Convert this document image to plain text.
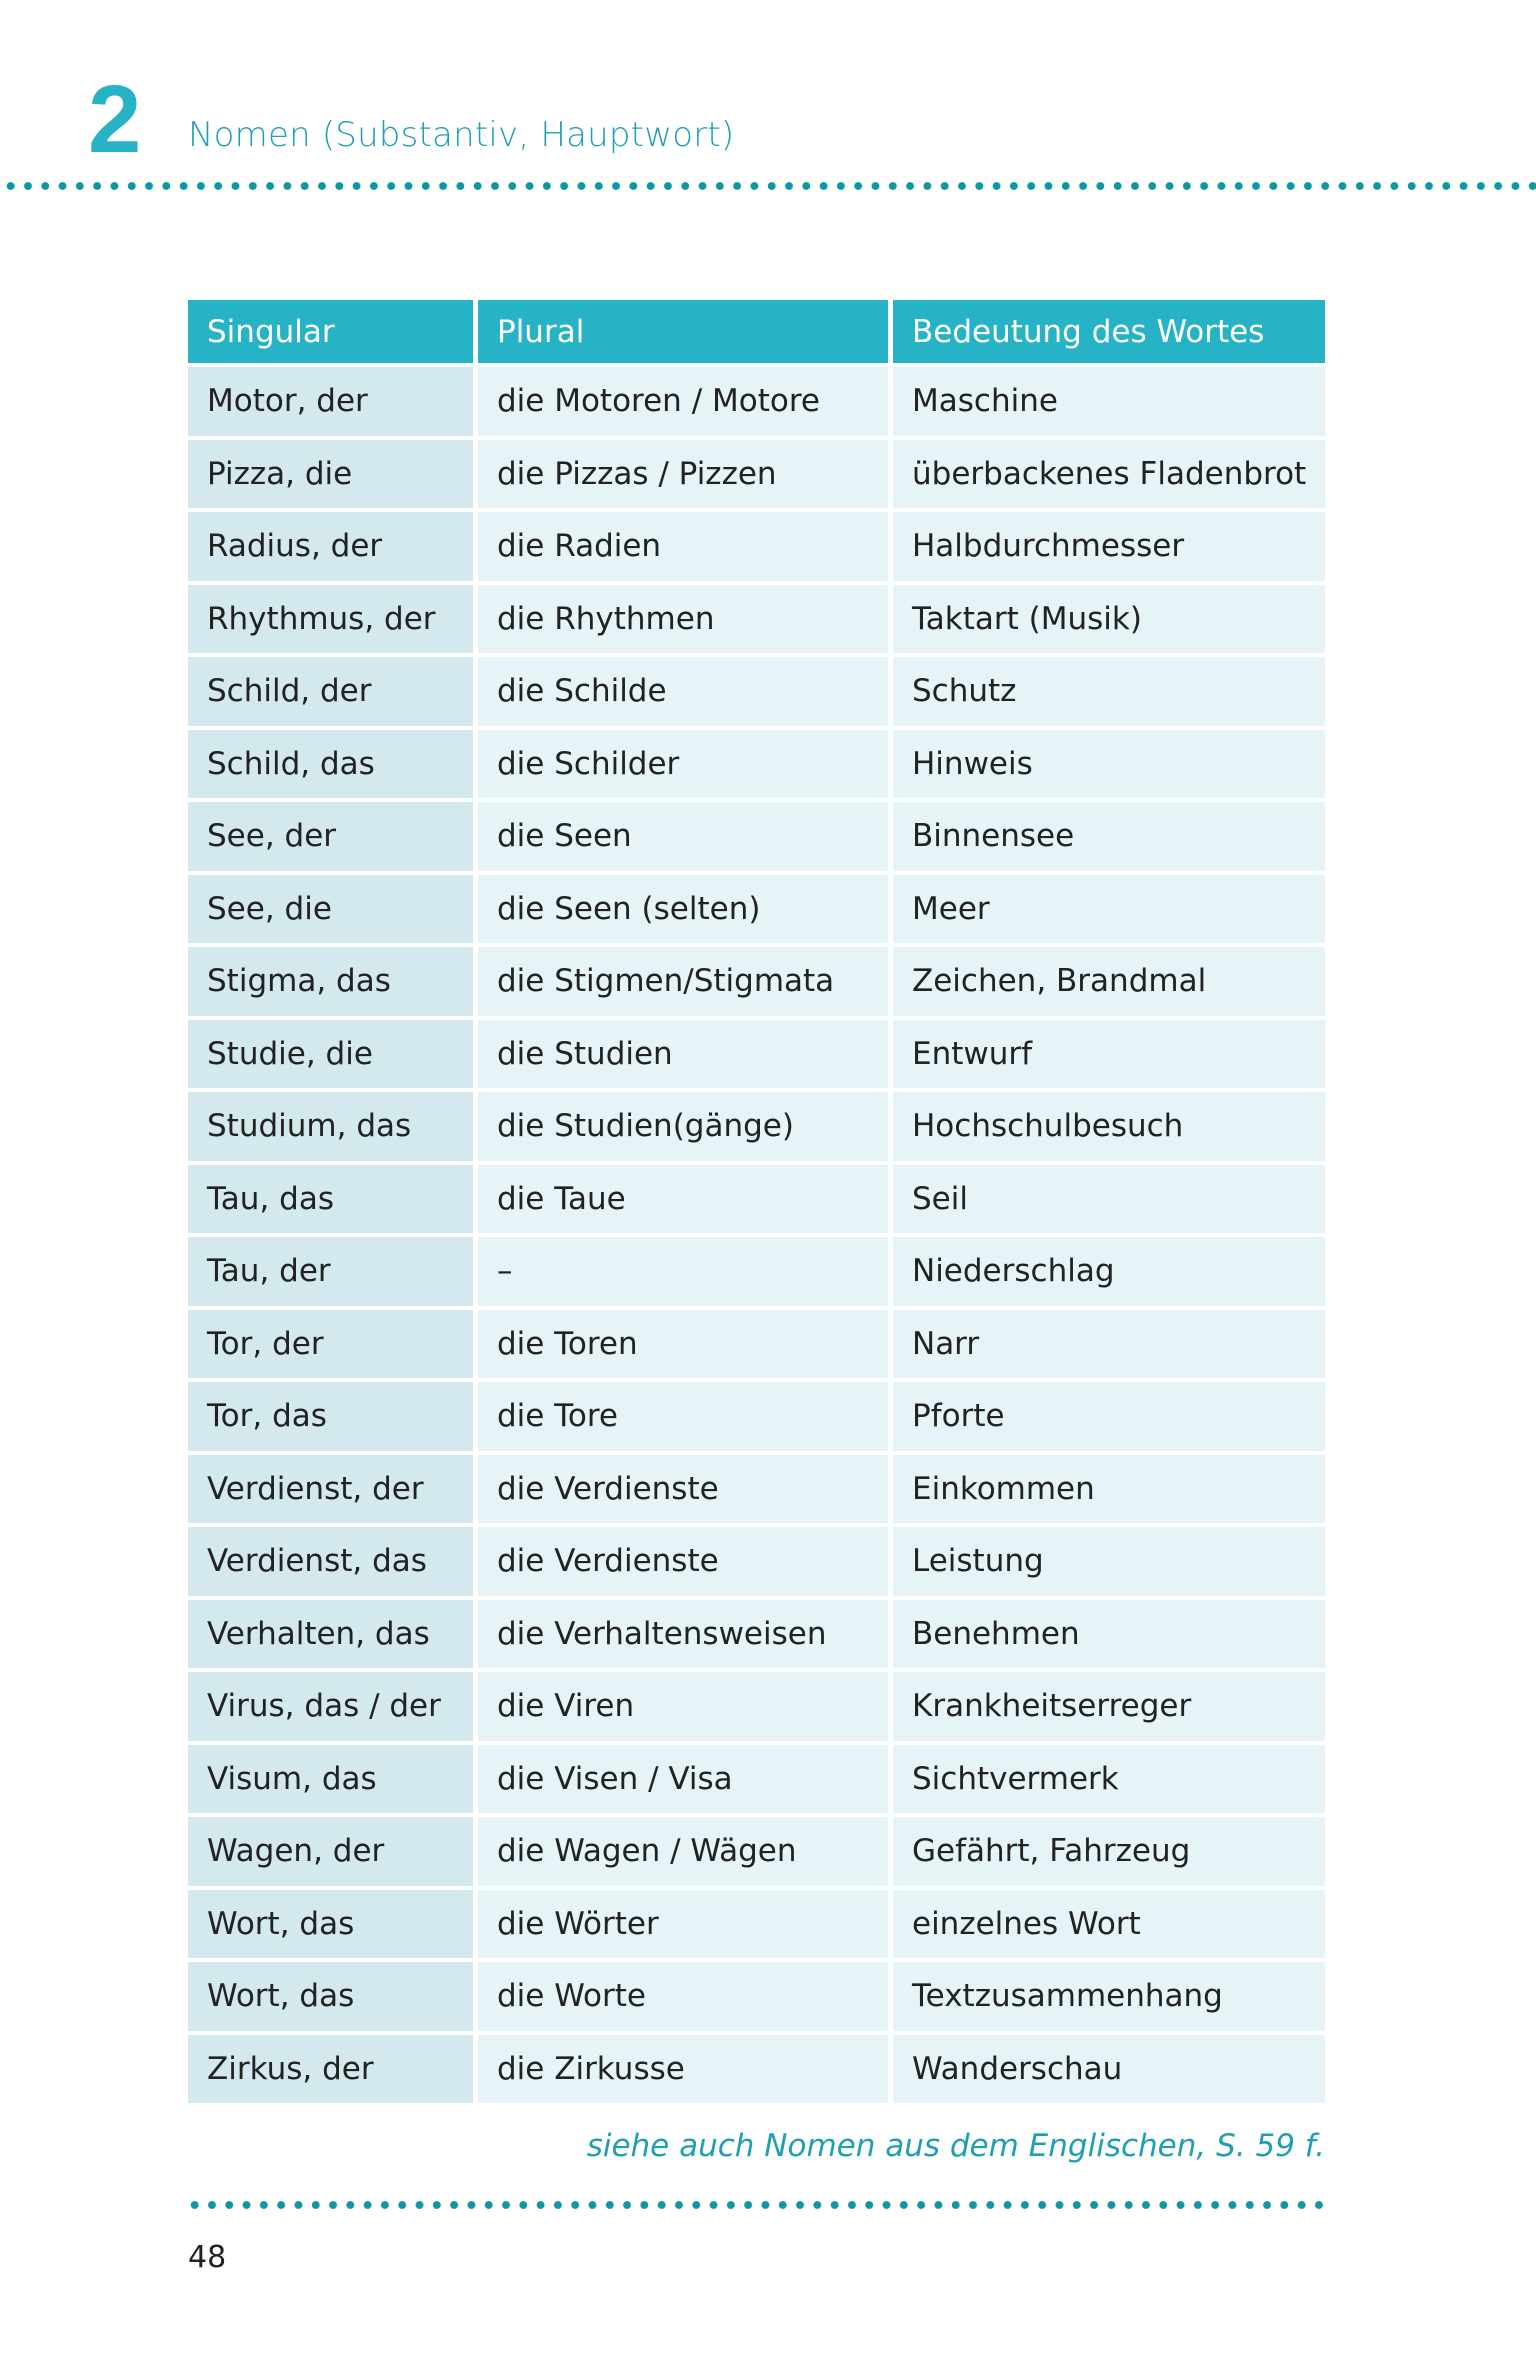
2 Nomen (Substantiv, Hauptwort)
Singular	Plural	Bedeutung des Wortes
Motor, der	die Motoren / Motore	Maschine
Pizza, die	die Pizzas / Pizzen	überbackenes Fladenbrot
Radius, der	die Radien	Halbdurchmesser
Rhythmus, der	die Rhythmen	Taktart (Musik)
Schild, der	die Schilde	Schutz
Schild, das	die Schilder	Hinweis
See, der	die Seen	Binnensee
See, die	die Seen (selten)	Meer
Stigma, das	die Stigmen/Stigmata	Zeichen, Brandmal
Studie, die	die Studien	Entwurf
Studium, das	die Studien(gänge)	Hochschulbesuch
Tau, das	die Taue	Seil
Tau, der	–	Niederschlag
Tor, der	die Toren	Narr
Tor, das	die Tore	Pforte
Verdienst, der	die Verdienste	Einkommen
Verdienst, das	die Verdienste	Leistung
Verhalten, das	die Verhaltensweisen	Benehmen
Virus, das / der	die Viren	Krankheitserreger
Visum, das	die Visen / Visa	Sichtvermerk
Wagen, der	die Wagen / Wägen	Gefährt, Fahrzeug
Wort, das	die Wörter	einzelnes Wort
Wort, das	die Worte	Textzusammenhang
Zirkus, der	die Zirkusse	Wanderschau
siehe auch Nomen aus dem Englischen, S. 59 f.
48
